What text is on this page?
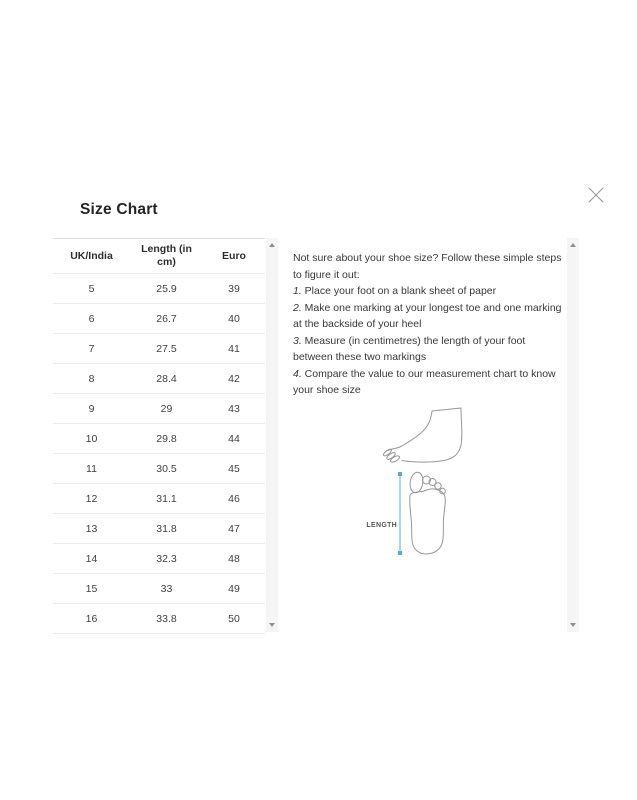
Size Chart
UK/India	Length (in cm)	Euro
5	25.9	39
6	26.7	40
7	27.5	41
8	28.4	42
9	29	43
10	29.8	44
11	30.5	45
12	31.1	46
13	31.8	47
14	32.3	48
15	33	49
16	33.8	50

Not sure about your shoe size? Follow these simple steps to figure it out:

1. Place your foot on a blank sheet of paper

2. Make one marking at your longest toe and one marking at the backside of your heel

3. Measure (in centimetres) the length of your foot between these two markings

4. Compare the value to our measurement chart to know your shoe size

LENGTH
